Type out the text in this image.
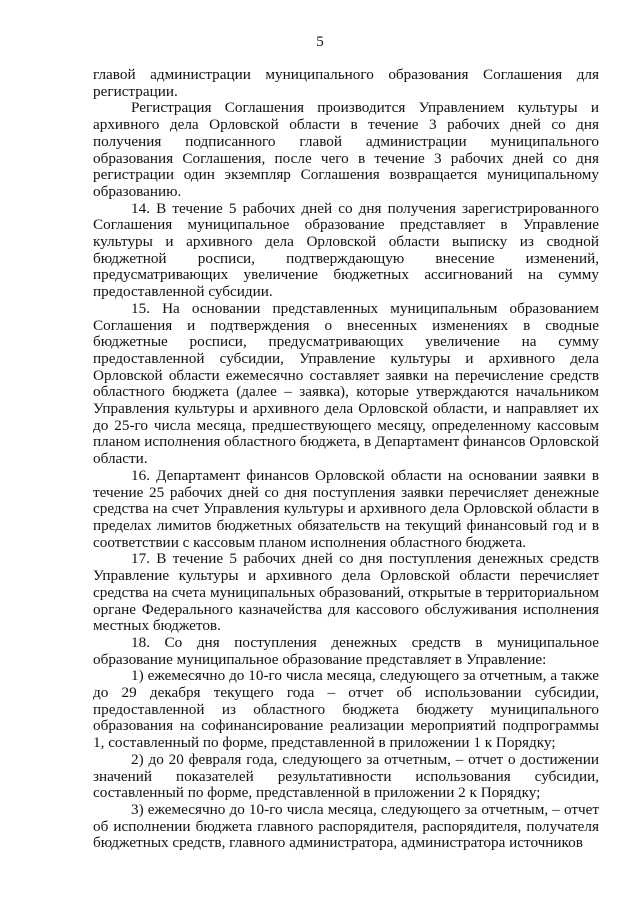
5

главой администрации муниципального образования Соглашения для регистрации.

Регистрация Соглашения производится Управлением культуры и архивного дела Орловской области в течение 3 рабочих дней со дня получения подписанного главой администрации муниципального образования Соглашения, после чего в течение 3 рабочих дней со дня регистрации один экземпляр Соглашения возвращается муниципальному образованию.

14. В течение 5 рабочих дней со дня получения зарегистрированного Соглашения муниципальное образование представляет в Управление культуры и архивного дела Орловской области выписку из сводной бюджетной росписи, подтверждающую внесение изменений, предусматривающих увеличение бюджетных ассигнований на сумму предоставленной субсидии.

15. На основании представленных муниципальным образованием Соглашения и подтверждения о внесенных изменениях в сводные бюджетные росписи, предусматривающих увеличение на сумму предоставленной субсидии, Управление культуры и архивного дела Орловской области ежемесячно составляет заявки на перечисление средств областного бюджета (далее – заявка), которые утверждаются начальником Управления культуры и архивного дела Орловской области, и направляет их до 25-го числа месяца, предшествующего месяцу, определенному кассовым планом исполнения областного бюджета, в Департамент финансов Орловской области.

16. Департамент финансов Орловской области на основании заявки в течение 25 рабочих дней со дня поступления заявки перечисляет денежные средства на счет Управления культуры и архивного дела Орловской области в пределах лимитов бюджетных обязательств на текущий финансовый год и в соответствии с кассовым планом исполнения областного бюджета.

17. В течение 5 рабочих дней со дня поступления денежных средств Управление культуры и архивного дела Орловской области перечисляет средства на счета муниципальных образований, открытые в территориальном органе Федерального казначейства для кассового обслуживания исполнения местных бюджетов.

18. Со дня поступления денежных средств в муниципальное образование муниципальное образование представляет в Управление:

1) ежемесячно до 10-го числа месяца, следующего за отчетным, а также до 29 декабря текущего года – отчет об использовании субсидии, предоставленной из областного бюджета бюджету муниципального образования на софинансирование реализации мероприятий подпрограммы 1, составленный по форме, представленной в приложении 1 к Порядку;

2) до 20 февраля года, следующего за отчетным, – отчет о достижении значений показателей результативности использования субсидии, составленный по форме, представленной в приложении 2 к Порядку;

3) ежемесячно до 10-го числа месяца, следующего за отчетным, – отчет об исполнении бюджета главного распорядителя, распорядителя, получателя бюджетных средств, главного администратора, администратора источников
